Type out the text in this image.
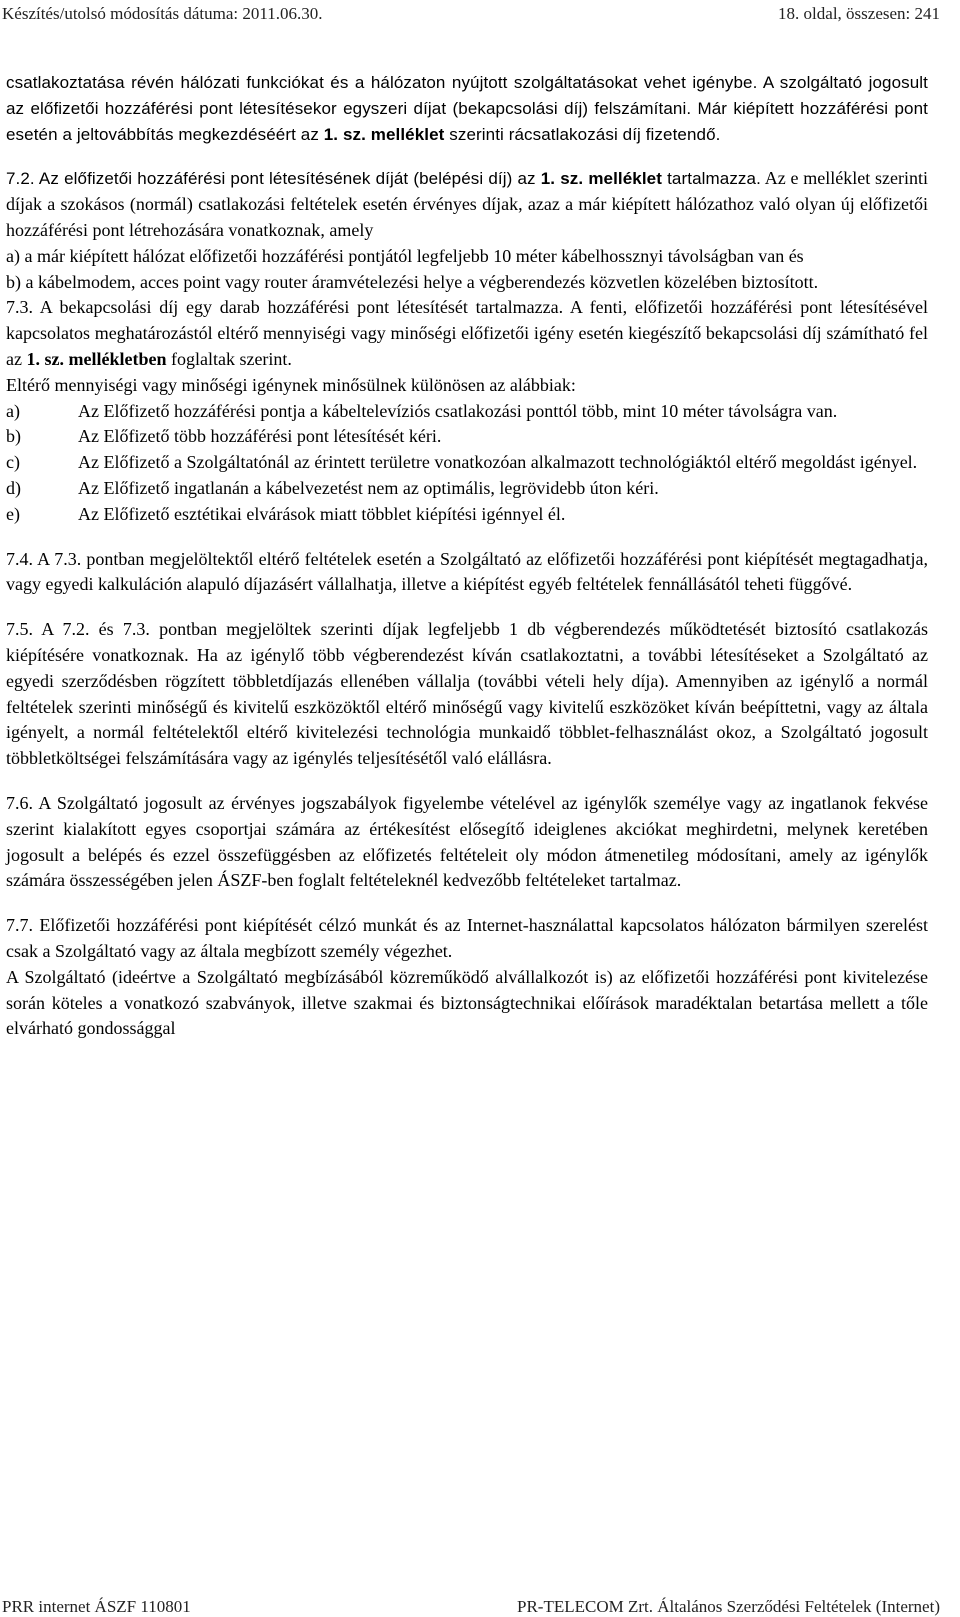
Készítés/utolsó módosítás dátuma: 2011.06.30.	18. oldal, összesen: 241

csatlakoztatása révén hálózati funkciókat és a hálózaton nyújtott szolgáltatásokat vehet igénybe. A szolgáltató jogosult az előfizetői hozzáférési pont létesítésekor egyszeri díjat (bekapcsolási díj) felszámítani. Már kiépített hozzáférési pont esetén a jeltovábbítás megkezdéséért az 1. sz. melléklet szerinti rácsatlakozási díj fizetendő.

7.2. Az előfizetői hozzáférési pont létesítésének díját (belépési díj) az 1. sz. melléklet tartalmazza. Az e melléklet szerinti díjak a szokásos (normál) csatlakozási feltételek esetén érvényes díjak, azaz a már kiépített hálózathoz való olyan új előfizetői hozzáférési pont létrehozására vonatkoznak, amely

a) a már kiépített hálózat előfizetői hozzáférési pontjától legfeljebb 10 méter kábelhossznyi távolságban van és

b) a kábelmodem, acces point vagy router áramvételezési helye a végberendezés közvetlen közelében biztosított.

7.3. A bekapcsolási díj egy darab hozzáférési pont létesítését tartalmazza. A fenti, előfizetői hozzáférési pont létesítésével kapcsolatos meghatározástól eltérő mennyiségi vagy minőségi előfizetői igény esetén kiegészítő bekapcsolási díj számítható fel az 1. sz. mellékletben foglaltak szerint.

Eltérő mennyiségi vagy minőségi igénynek minősülnek különösen az alábbiak:

a)	Az Előfizető hozzáférési pontja a kábeltelevíziós csatlakozási ponttól több, mint 10 méter távolságra van.
b)	Az Előfizető több hozzáférési pont létesítését kéri.
c)	Az Előfizető a Szolgáltatónál az érintett területre vonatkozóan alkalmazott technológiáktól eltérő megoldást igényel.
d)	Az Előfizető ingatlanán a kábelvezetést nem az optimális, legrövidebb úton kéri.
e)	Az Előfizető esztétikai elvárások miatt többlet kiépítési igénnyel él.

7.4. A 7.3. pontban megjelöltektől eltérő feltételek esetén a Szolgáltató az előfizetői hozzáférési pont kiépítését megtagadhatja, vagy egyedi kalkuláción alapuló díjazásért vállalhatja, illetve a kiépítést egyéb feltételek fennállásától teheti függővé.

7.5. A 7.2. és 7.3. pontban megjelöltek szerinti díjak legfeljebb 1 db végberendezés működtetését biztosító csatlakozás kiépítésére vonatkoznak. Ha az igénylő több végberendezést kíván csatlakoztatni, a további létesítéseket a Szolgáltató az egyedi szerződésben rögzített többletdíjazás ellenében vállalja (további vételi hely díja). Amennyiben az igénylő a normál feltételek szerinti minőségű és kivitelű eszközöktől eltérő minőségű vagy kivitelű eszközöket kíván beépíttetni, vagy az általa igényelt, a normál feltételektől eltérő kivitelezési technológia munkaidő többlet-felhasználást okoz, a Szolgáltató jogosult többletköltségei felszámítására vagy az igénylés teljesítésétől való elállásra.

7.6. A Szolgáltató jogosult az érvényes jogszabályok figyelembe vételével az igénylők személye vagy az ingatlanok fekvése szerint kialakított egyes csoportjai számára az értékesítést elősegítő ideiglenes akciókat meghirdetni, melynek keretében jogosult a belépés és ezzel összefüggésben az előfizetés feltételeit oly módon átmenetileg módosítani, amely az igénylők számára összességében jelen ÁSZF-ben foglalt feltételeknél kedvezőbb feltételeket tartalmaz.

7.7. Előfizetői hozzáférési pont kiépítését célzó munkát és az Internet-használattal kapcsolatos hálózaton bármilyen szerelést csak a Szolgáltató vagy az általa megbízott személy végezhet.

A Szolgáltató (ideértve a Szolgáltató megbízásából közreműködő alvállalkozót is) az előfizetői hozzáférési pont kivitelezése során köteles a vonatkozó szabványok, illetve szakmai és biztonságtechnikai előírások maradéktalan betartása mellett a tőle elvárható gondossággal

PRR internet ÁSZF 110801	PR-TELECOM Zrt. Általános Szerződési Feltételek (Internet)
